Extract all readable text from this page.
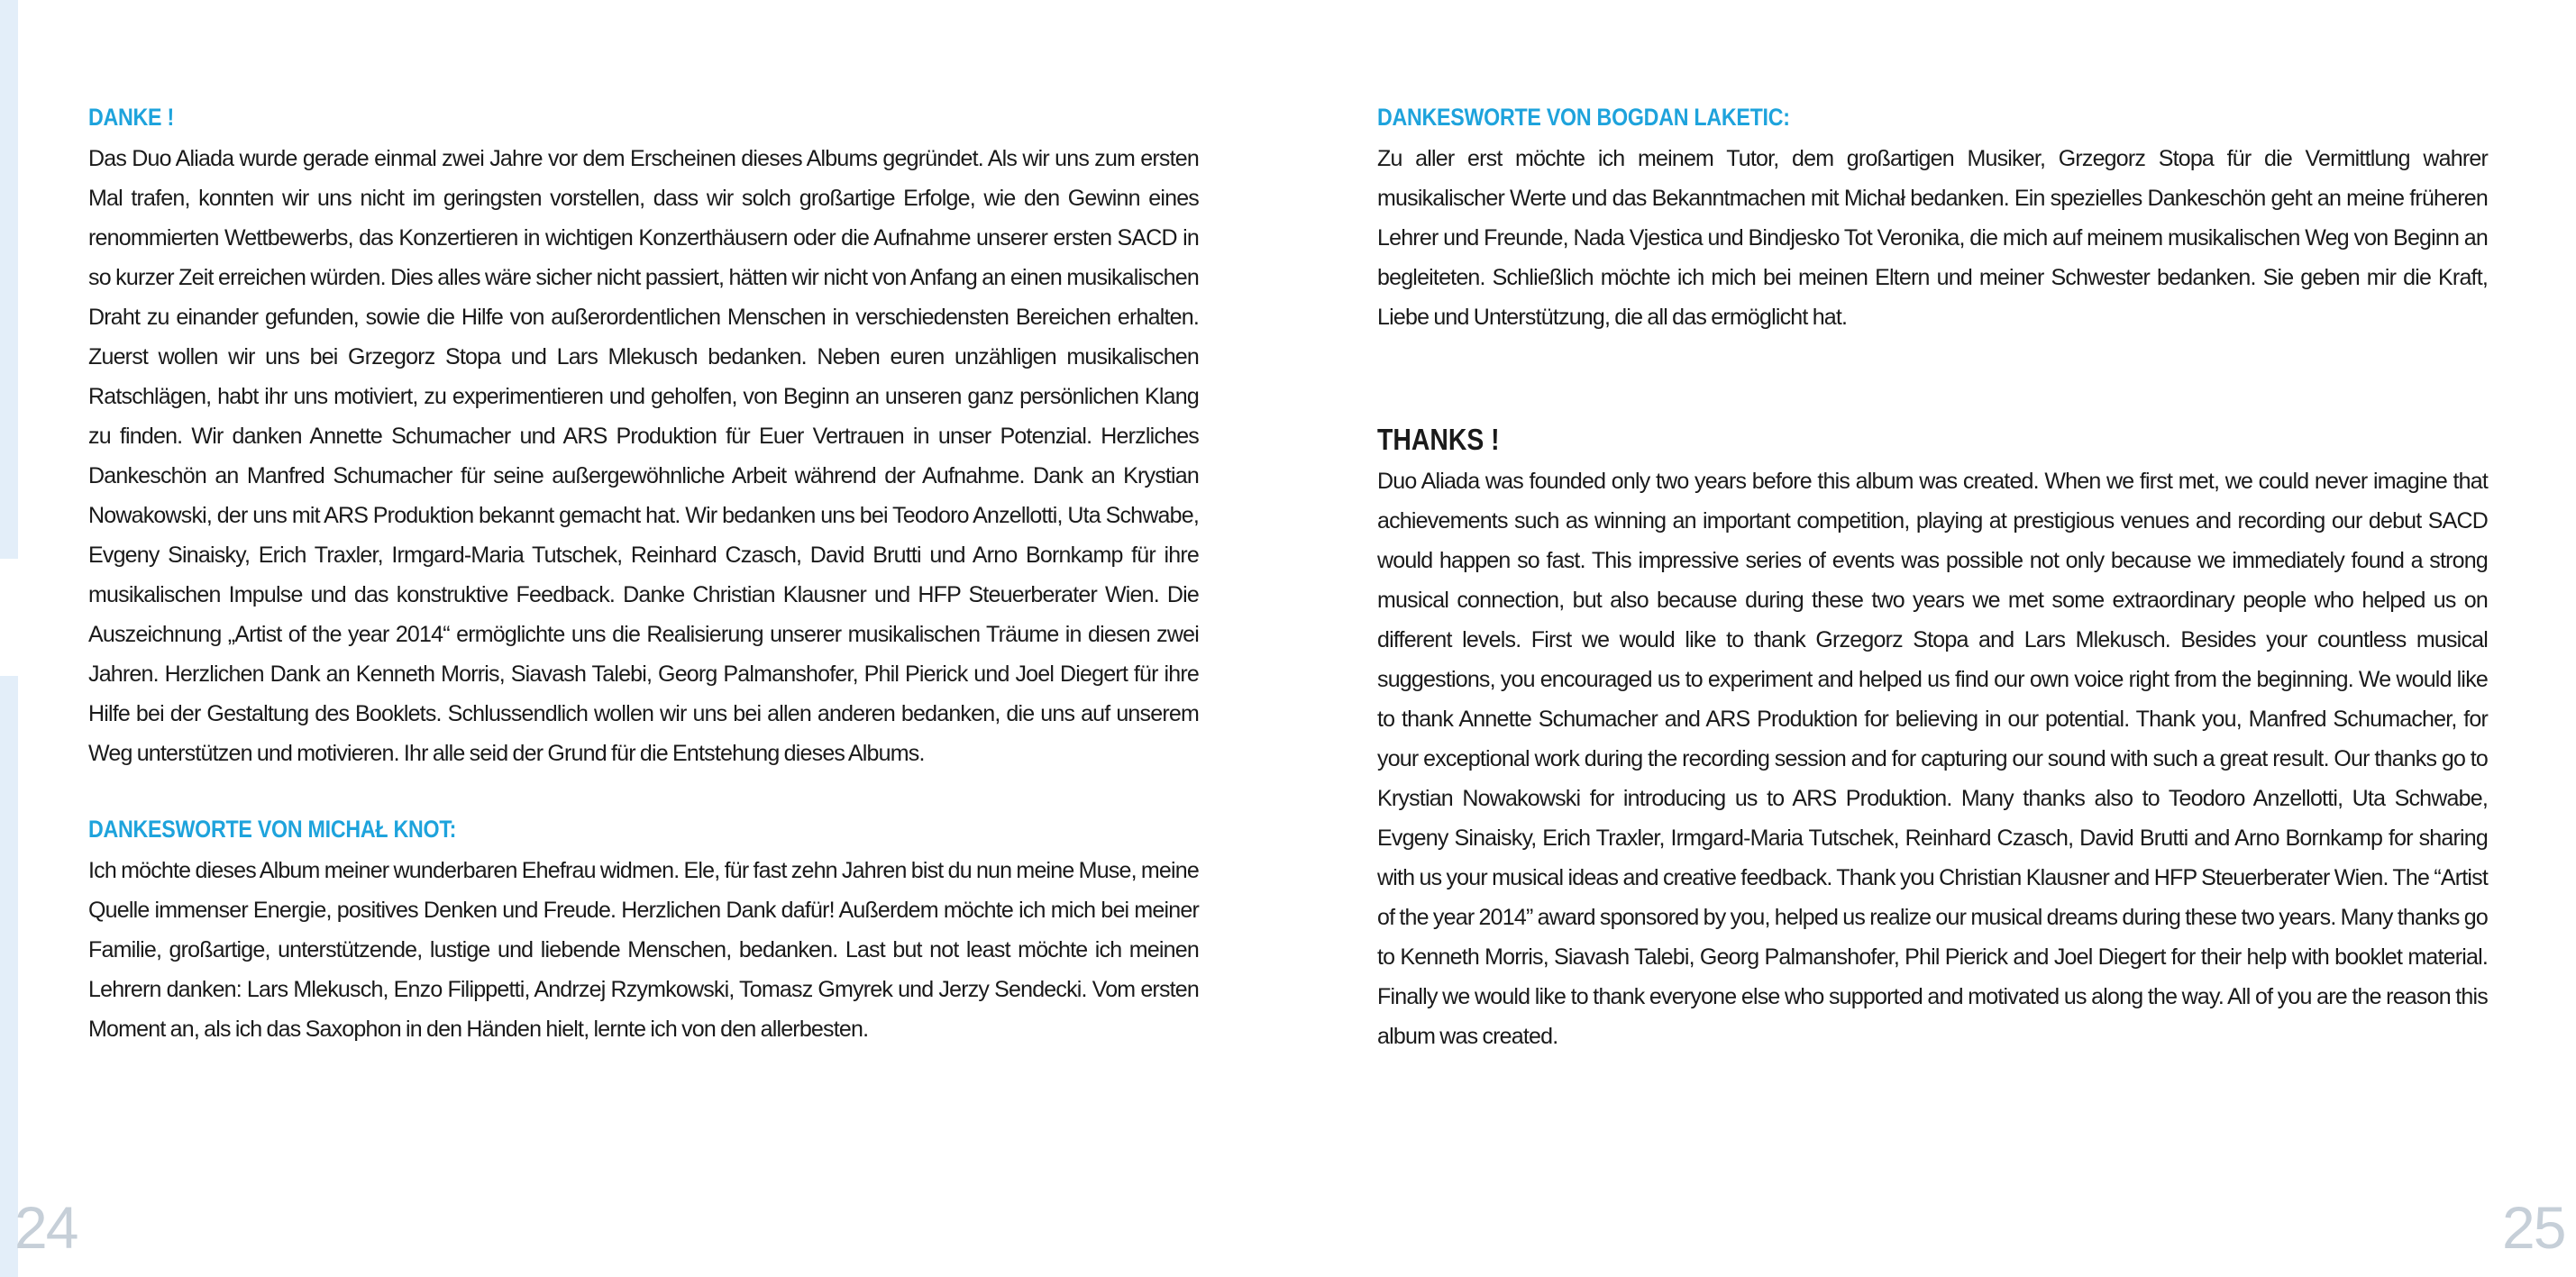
DANKE !

Das Duo Aliada wurde gerade einmal zwei Jahre vor dem Erscheinen dieses Albums gegründet. Als wir uns zum ersten Mal trafen, konnten wir uns nicht im geringsten vorstellen, dass wir solch großartige Erfolge, wie den Gewinn eines renommierten Wettbewerbs, das Konzertieren in wichtigen Konzerthäusern oder die Aufnahme unserer ersten SACD in so kurzer Zeit erreichen würden. Dies alles wäre sicher nicht passiert, hätten wir nicht von Anfang an einen musikalischen Draht zu einander gefunden, sowie die Hilfe von außerordentlichen Menschen in verschiedensten Bereichen erhalten. Zuerst wollen wir uns bei Grzegorz Stopa und Lars Mlekusch bedanken. Neben euren unzähligen musikalischen Ratschlägen, habt ihr uns motiviert, zu experimentieren und geholfen, von Beginn an unseren ganz persönlichen Klang zu finden. Wir danken Annette Schumacher und ARS Produktion für Euer Vertrauen in unser Potenzial. Herzliches Dankeschön an Manfred Schumacher für seine außergewöhnliche Arbeit während der Aufnahme. Dank an Krystian Nowakowski, der uns mit ARS Produktion bekannt gemacht hat. Wir bedanken uns bei Teodoro Anzellotti, Uta Schwabe, Evgeny Sinaisky, Erich Traxler, Irmgard-Maria Tutschek, Reinhard Czasch, David Brutti und Arno Bornkamp für ihre musikalischen Impulse und das konstruktive Feedback. Danke Christian Klausner und HFP Steuerberater Wien. Die Auszeichnung „Artist of the year 2014“ ermöglichte uns die Realisierung unserer musikalischen Träume in diesen zwei Jahren. Herzlichen Dank an Kenneth Morris, Siavash Talebi, Georg Palmanshofer, Phil Pierick und Joel Diegert für ihre Hilfe bei der Gestaltung des Booklets. Schlussendlich wollen wir uns bei allen anderen bedanken, die uns auf unserem Weg unterstützen und motivieren. Ihr alle seid der Grund für die Entstehung dieses Albums.

DANKESWORTE VON MICHAŁ KNOT:

Ich möchte dieses Album meiner wunderbaren Ehefrau widmen. Ele, für fast zehn Jahren bist du nun meine Muse, meine Quelle immenser Energie, positives Denken und Freude. Herzlichen Dank dafür! Außerdem möchte ich mich bei meiner Familie, großartige, unterstützende, lustige und liebende Menschen, bedanken. Last but not least möchte ich meinen Lehrern danken: Lars Mlekusch, Enzo Filippetti, Andrzej Rzymkowski, Tomasz Gmyrek und Jerzy Sendecki. Vom ersten Moment an, als ich das Saxophon in den Händen hielt, lernte ich von den allerbesten.

DANKESWORTE VON BOGDAN LAKETIC:

Zu aller erst möchte ich meinem Tutor, dem großartigen Musiker, Grzegorz Stopa für die Vermittlung wahrer musikalischer Werte und das Bekanntmachen mit Michał bedanken. Ein spezielles Dankeschön geht an meine früheren Lehrer und Freunde, Nada Vjestica und Bindjesko Tot Veronika, die mich auf meinem musikalischen Weg von Beginn an begleiteten. Schließlich möchte ich mich bei meinen Eltern und meiner Schwester bedanken. Sie geben mir die Kraft, Liebe und Unterstützung, die all das ermöglicht hat.

THANKS !

Duo Aliada was founded only two years before this album was created. When we first met, we could never imagine that achievements such as winning an important competition, playing at prestigious venues and recording our debut SACD would happen so fast. This impressive series of events was possible not only because we immediately found a strong musical connection, but also because during these two years we met some extraordinary people who helped us on different levels. First we would like to thank Grzegorz Stopa and Lars Mlekusch. Besides your countless musical suggestions, you encouraged us to experiment and helped us find our own voice right from the beginning. We would like to thank Annette Schumacher and ARS Produktion for believing in our potential. Thank you, Manfred Schumacher, for your exceptional work during the recording session and for capturing our sound with such a great result. Our thanks go to Krystian Nowakowski for introducing us to ARS Produktion. Many thanks also to Teodoro Anzellotti, Uta Schwabe, Evgeny Sinaisky, Erich Traxler, Irmgard-Maria Tutschek, Reinhard Czasch, David Brutti and Arno Bornkamp for sharing with us your musical ideas and creative feedback. Thank you Christian Klausner and HFP Steuerberater Wien. The “Artist of the year 2014” award sponsored by you, helped us realize our musical dreams during these two years. Many thanks go to Kenneth Morris, Siavash Talebi, Georg Palmanshofer, Phil Pierick and Joel Diegert for their help with booklet material. Finally we would like to thank everyone else who supported and motivated us along the way. All of you are the reason this album was created.

24	25
